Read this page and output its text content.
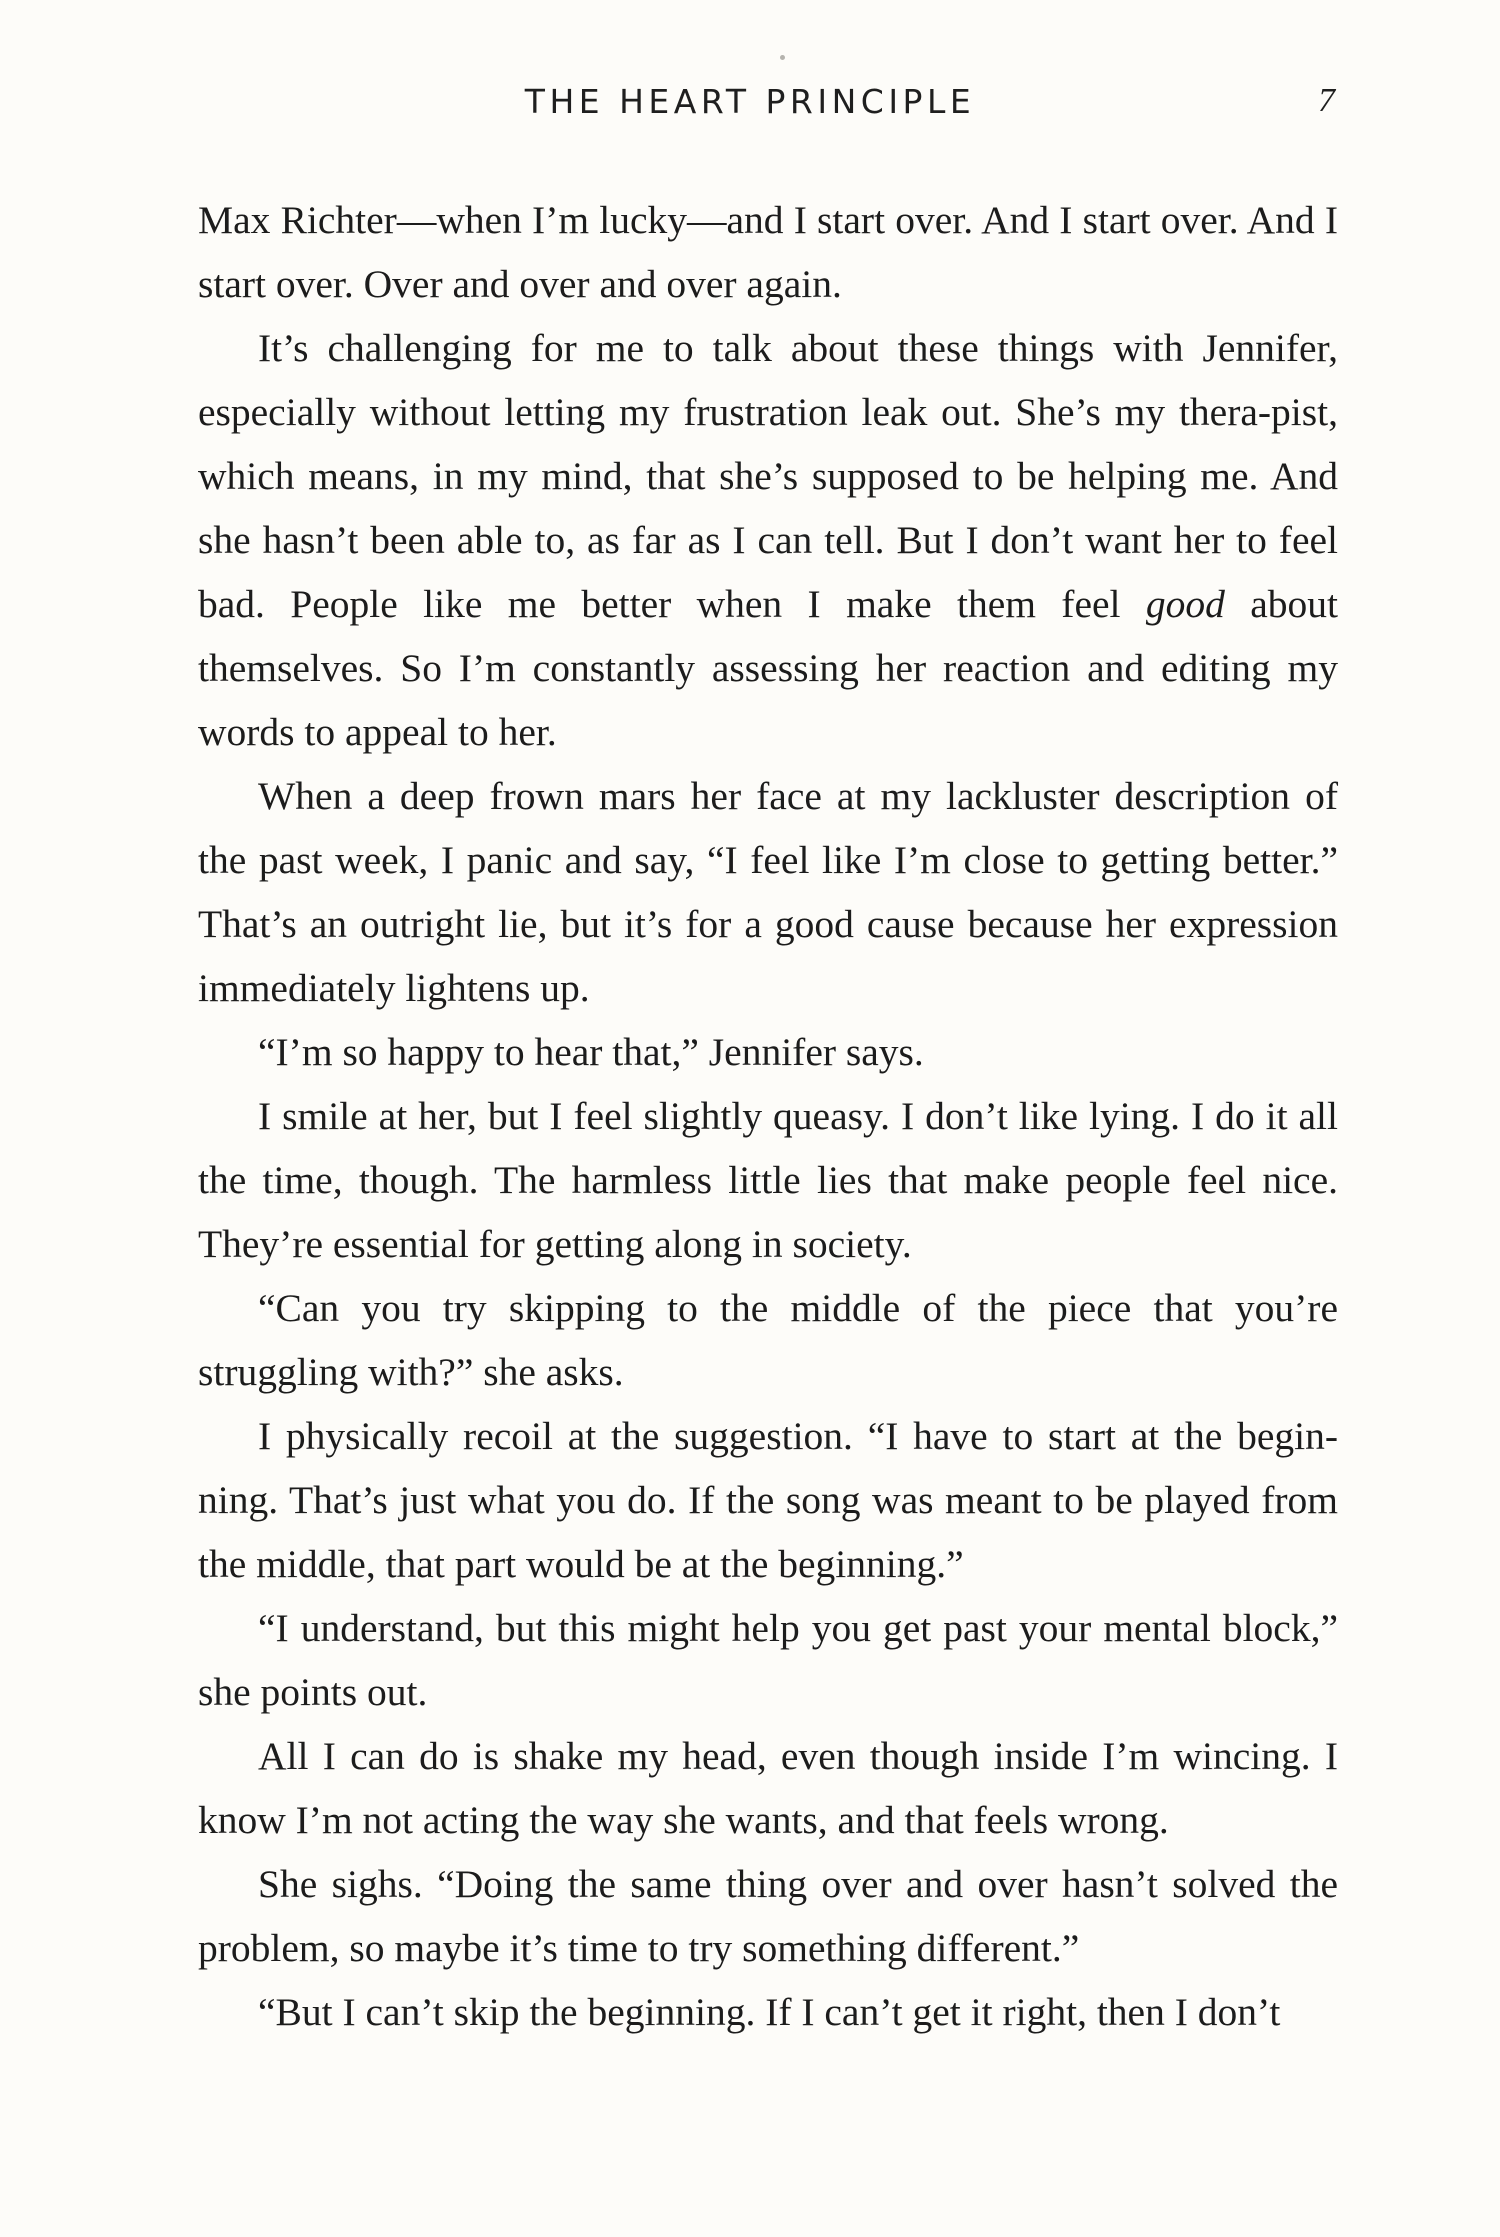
THE HEART PRINCIPLE	7

Max Richter—when I’m lucky—and I start over. And I start over. And I start over. Over and over and over again.

It’s challenging for me to talk about these things with Jennifer, especially without letting my frustration leak out. She’s my thera-pist, which means, in my mind, that she’s supposed to be helping me. And she hasn’t been able to, as far as I can tell. But I don’t want her to feel bad. People like me better when I make them feel good about themselves. So I’m constantly assessing her reaction and editing my words to appeal to her.

When a deep frown mars her face at my lackluster description of the past week, I panic and say, “I feel like I’m close to getting better.” That’s an outright lie, but it’s for a good cause because her expression immediately lightens up.

“I’m so happy to hear that,” Jennifer says.

I smile at her, but I feel slightly queasy. I don’t like lying. I do it all the time, though. The harmless little lies that make people feel nice. They’re essential for getting along in society.

“Can you try skipping to the middle of the piece that you’re struggling with?” she asks.

I physically recoil at the suggestion. “I have to start at the begin-ning. That’s just what you do. If the song was meant to be played from the middle, that part would be at the beginning.”

“I understand, but this might help you get past your mental block,” she points out.

All I can do is shake my head, even though inside I’m wincing. I know I’m not acting the way she wants, and that feels wrong.

She sighs. “Doing the same thing over and over hasn’t solved the problem, so maybe it’s time to try something different.”

“But I can’t skip the beginning. If I can’t get it right, then I don’t
